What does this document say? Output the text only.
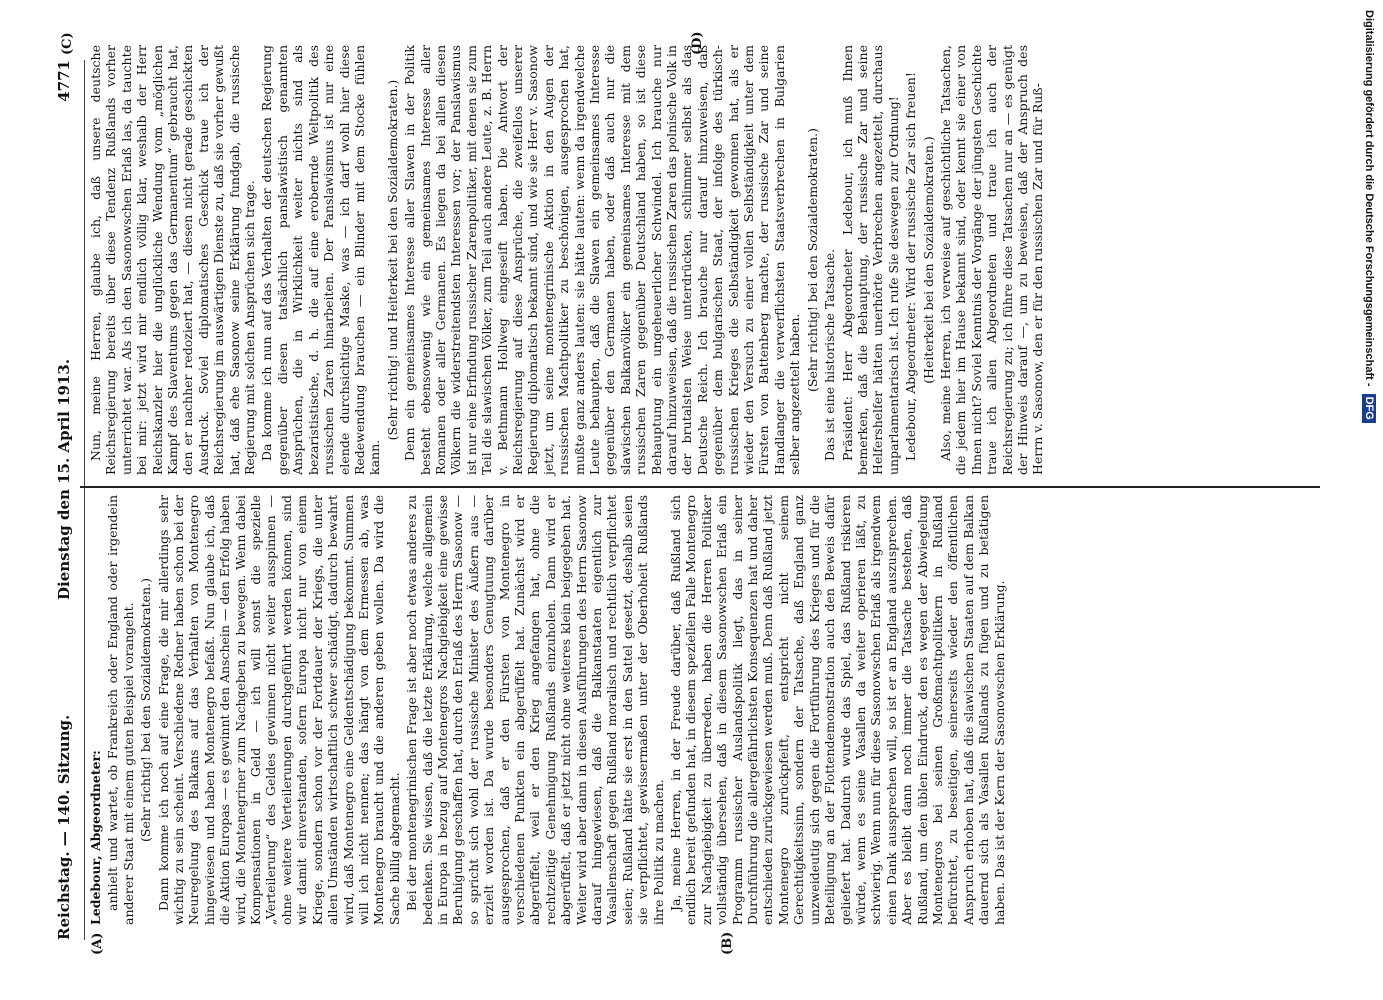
Reichstag. — 140. Sitzung.
Dienstag den 15. April 1913.
4771
(A)	(B)
(C)	(D)

Ledebour, Abgeordneter: anhielt und wartet, ob Frankreich oder England oder irgendein anderer Staat mit einem guten Beispiel vorangeht. (Sehr richtig! bei den Sozialdemokraten.) Dann komme ich noch auf eine Frage, die mir allerdings sehr wichtig zu sein scheint. Verschiedene Redner haben schon bei der Neuregelung des Balkans auf das Verhalten von Montenegro hingewiesen und haben Montenegro befaßt. Nun glaube ich, daß die Aktion Europas — es gewinnt den Anschein — den Erfolg haben wird, die Montenegriner zum Nachgeben zu bewegen. Wenn dabei Kompensationen in Geld — ich will sonst die spezielle „Verteilerung“ des Geldes gewinnen nicht weiter ausspinnen — ohne weitere Verteilerungen durchgeführt werden können, sind wir damit einverstanden, sofern Europa nicht nur von einem Kriege, sondern schon vor der Fortdauer der Kriegs, die unter allen Umständen wirtschaftlich schwer schädigt, dadurch bewahrt wird, daß Montenegro eine Geldentschädigung bekommt. Summen will ich nicht nennen; das hängt von dem Ermessen ab, was Montenegro braucht und die anderen geben wollen. Da wird die Sache billig abgemacht. Bei der montenegrinischen Frage ist aber noch etwas anderes zu bedenken. Sie wissen, daß die letzte Erklärung, welche allgemein in Europa in bezug auf Montenegros Nachgiebigkeit eine gewisse Beruhigung geschaffen hat, durch den Erlaß des Herrn Sasonow — so spricht sich wohl der russische Minister des Äußern aus — erzielt worden ist. Da wurde besonders Genugtuung darüber ausgesprochen, daß er den Fürsten von Montenegro in verschiedenen Punkten ein abgerüffelt hat. Zunächst wird er abgerüffelt, weil er den Krieg angefangen hat, ohne die rechtzeitige Genehmigung Rußlands einzuholen. Dann wird er abgerüffelt, daß er jetzt nicht ohne weiteres klein beigegeben hat. Weiter wird aber dann in diesen Ausführungen des Herrn Sasonow darauf hingewiesen, daß die Balkanstaaten eigentlich zur Vasallenschaft gegen Rußland moralisch und rechtlich verpflichtet seien; Rußland hätte sie erst in den Sattel gesetzt, deshalb seien sie verpflichtet, gewissermaßen unter der Oberhoheit Rußlands ihre Politik zu machen. Ja, meine Herren, in der Freude darüber, daß Rußland sich endlich bereit gefunden hat, in diesem speziellen Falle Montenegro zur Nachgiebigkeit zu überreden, haben die Herren Politiker vollständig übersehen, daß in diesem Sasonowschen Erlaß ein Programm russischer Auslandspolitik liegt, das in seiner Durchführung die allergefährlichsten Konsequenzen hat und daher entschieden zurückgewiesen werden muß. Denn daß Rußland jetzt Montenegro zurückpfeift, entspricht nicht seinem Gerechtigkeitssinn, sondern der Tatsache, daß England ganz unzweideutig sich gegen die Fortführung des Krieges und für die Beteiligung an der Flottendemonstration auch den Beweis dafür geliefert hat. Dadurch wurde das Spiel, das Rußland riskieren würde, wenn es seine Vasallen da weiter operieren läßt, zu schwierig. Wenn nun für diese Sasonowschen Erlaß als irgendwem einen Dank aussprechen will, so ist er an England auszusprechen. Aber es bleibt dann noch immer die Tatsache bestehen, daß Rußland, um den üblen Eindruck, den es wegen der Abwiegelung Montenegros bei seinen Großmachtpolitikern in Rußland befürchtet, zu beseitigen, seinerseits wieder den öffentlichen Anspruch erhoben hat, daß die slawischen Staaten auf dem Balkan dauernd sich als Vasallen Rußlands zu fügen und zu betätigen haben. Das ist der Kern der Sasonowschen Erklärung.

Nun, meine Herren, glaube ich, daß unsere deutsche Reichsregierung bereits über diese Tendenz Rußlands vorher unterrichtet war. Als ich den Sasonowschen Erlaß las, da tauchte bei mir: jetzt wird mir endlich völlig klar, weshalb der Herr Reichskanzler hier die unglückliche Wendung vom „möglichen Kampf des Slaventums gegen das Germanentum“ gebraucht hat, den er nachher redoziert hat, — diesen nicht gerade geschickten Ausdruck. Soviel diplomatisches Geschick traue ich der Reichsregierung im auswärtigen Dienste zu, daß sie vorher gewußt hat, daß ehe Sasonow seine Erklärung fundgab, die russische Regierung mit solchen Ansprüchen sich trage. Da komme ich nun auf das Verhalten der deutschen Regierung gegenüber diesen tatsächlich panslawistisch genannten Ansprüchen, die in Wirklichkeit weiter nichts sind als bezarististische, d. h. die auf eine erobernde Weltpolitik des russischen Zaren hinarbeiten. Der Panslawismus ist nur eine elende durchsichtige Maske, was — ich darf wohl hier diese Redewendung brauchen — ein Blinder mit dem Stocke fühlen kann.

(Sehr richtig! und Heiterkeit bei den Sozialdemokraten.) Denn ein gemeinsames Interesse aller Slawen in der Politik besteht ebensowenig wie ein gemeinsames Interesse aller Romanen oder aller Germanen. Es liegen da bei allen diesen Völkern die widerstreitendsten Interessen vor; der Panslawismus ist nur eine Erfindung russischer Zarenpolitiker, mit denen sie zum Teil die slawischen Völker, zum Teil auch andere Leute, z. B. Herrn v. Bethmann Hollweg eingeseift haben. Die Antwort der Reichsregierung auf diese Ansprüche, die zweifellos unserer Regierung diplomatisch bekannt sind, und wie sie Herr v. Sasonow jetzt, um seine montenegrinische Aktion in den Augen der russischen Machtpolitiker zu beschönigen, ausgesprochen hat, mußte ganz anders lauten: sie hätte lauten: wenn da irgendwelche Leute behaupten, daß die Slawen ein gemeinsames Interesse gegenüber den Germanen haben, oder daß auch nur die slawischen Balkanvölker ein gemeinsames Interesse mit dem russischen Zaren gegenüber Deutschland haben, so ist diese Behauptung ein ungeheuerlicher Schwindel. Ich brauche nur darauf hinzuweisen, daß die russischen Zaren das polnische Volk in der brutalsten Weise unterdrücken, schlimmer selbst als das Deutsche Reich. Ich brauche nur darauf hinzuweisen, daß gegenüber dem bulgarischen Staat, der infolge des türkisch-russischen Krieges die Selbständigkeit gewonnen hat, als er wieder den Versuch zu einer vollen Selbständigkeit unter dem Fürsten von Battenberg machte, der russische Zar und seine Handlanger die verwerflichsten Staatsverbrechen in Bulgarien selber angezettelt haben.

(Sehr richtig! bei den Sozialdemokraten.) Das ist eine historische Tatsache. Präsident: Herr Abgeordneter Ledebour, ich muß Ihnen bemerken, daß die Behauptung, der russische Zar und seine Helfershelfer hätten unerhörte Verbrechen angezettelt, durchaus unparlamentarisch ist. Ich rufe Sie deswegen zur Ordnung! Ledebour, Abgeordneter: Wird der russische Zar sich freuen! (Heiterkeit bei den Sozialdemokraten.) Also, meine Herren, ich verweise auf geschichtliche Tatsachen, die jedem hier im Hause bekannt sind, oder kennt sie einer von Ihnen nicht? Soviel Kenntnis der Vorgänge der jüngsten Geschichte traue ich allen Abgeordneten und traue ich auch der Reichsregierung zu; ich führe diese Tatsachen nur an — es genügt der Hinweis darauf —, um zu beweisen, daß der Anspruch des Herrn v. Sasonow, den er für den russischen Zar und für Ruß-	Digitalisierung gefördert durch die Deutsche Forschungsgemeinschaft - DFG
